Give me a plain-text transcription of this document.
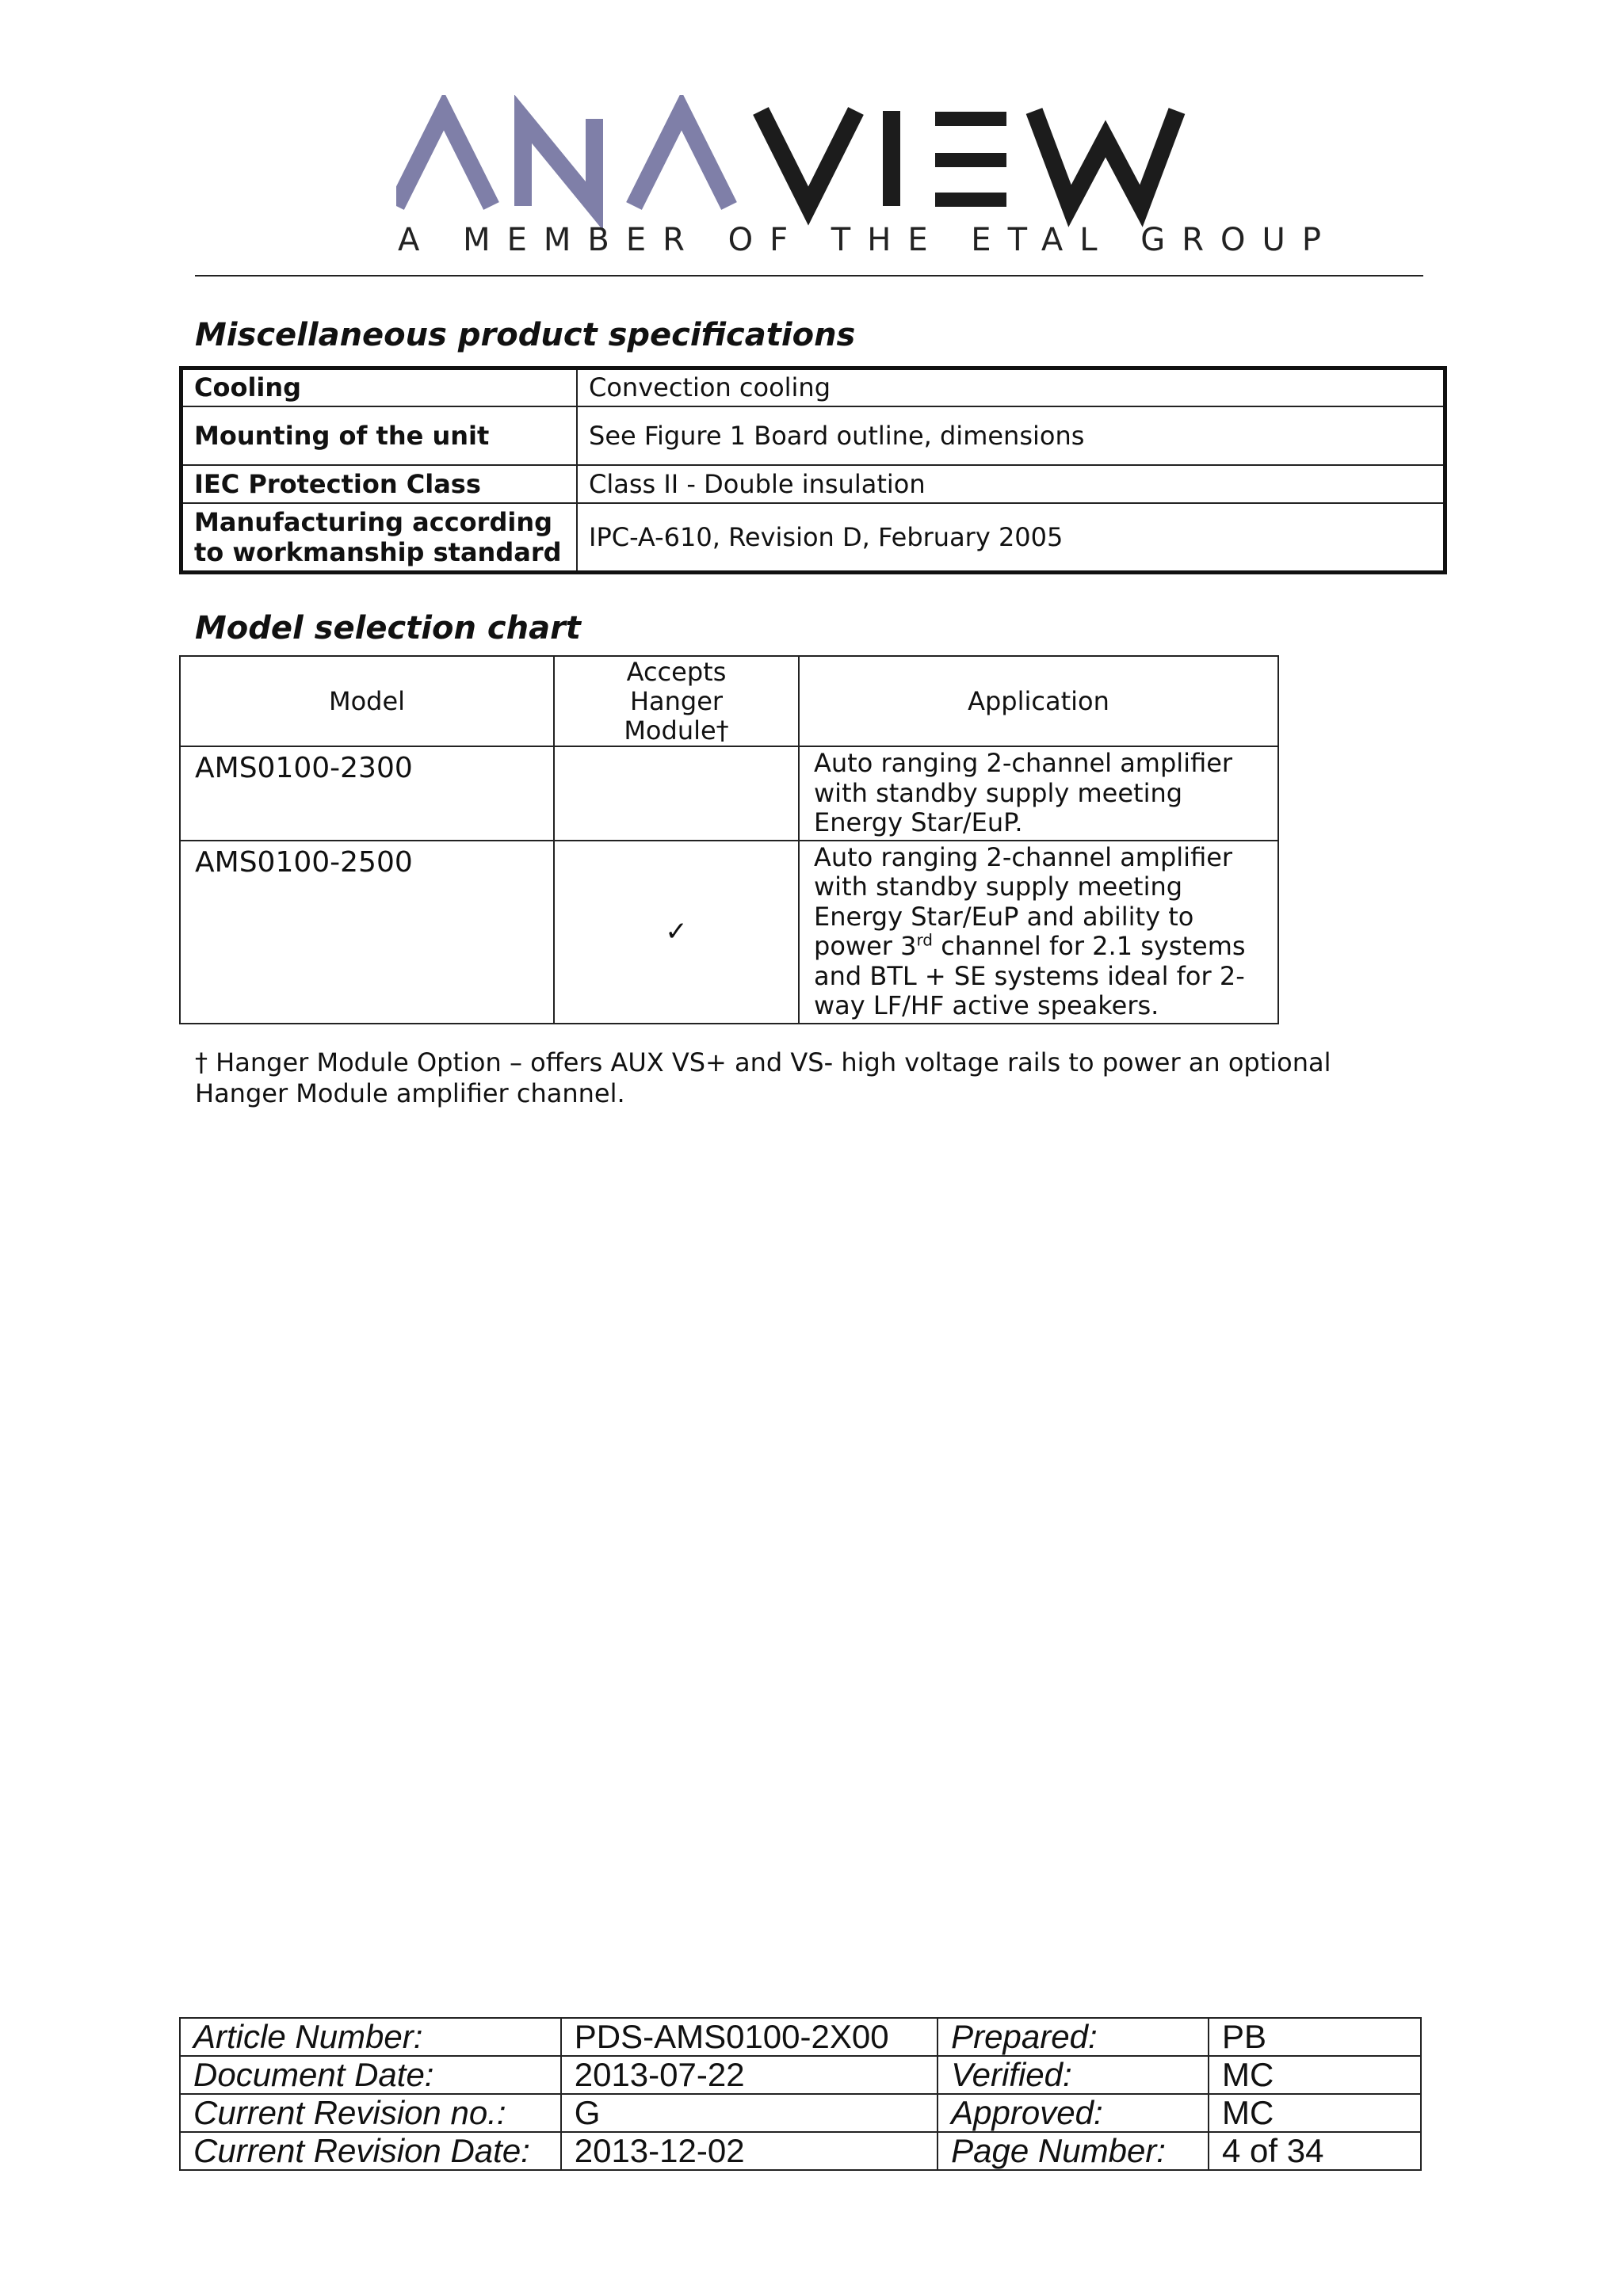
A MEMBER OF THE ETAL GROUP
Miscellaneous product specifications
Cooling	Convection cooling
Mounting of the unit	See Figure 1 Board outline, dimensions
IEC Protection Class	Class II - Double insulation
Manufacturing according to workmanship standard	IPC-A-610, Revision D, February 2005
Model selection chart
Model	Accepts Hanger Module†	Application
AMS0100-2300		Auto ranging 2-channel amplifier with standby supply meeting Energy Star/EuP.
AMS0100-2500	✓	Auto ranging 2-channel amplifier with standby supply meeting Energy Star/EuP and ability to power 3rd channel for 2.1 systems and BTL + SE systems ideal for 2-way LF/HF active speakers.

† Hanger Module Option – offers AUX VS+ and VS- high voltage rails to power an optional Hanger Module amplifier channel.

Article Number:	PDS-AMS0100-2X00	Prepared:	PB
Document Date:	2013-07-22	Verified:	MC
Current Revision no.:	G	Approved:	MC
Current Revision Date:	2013-12-02	Page Number:	4 of 34
